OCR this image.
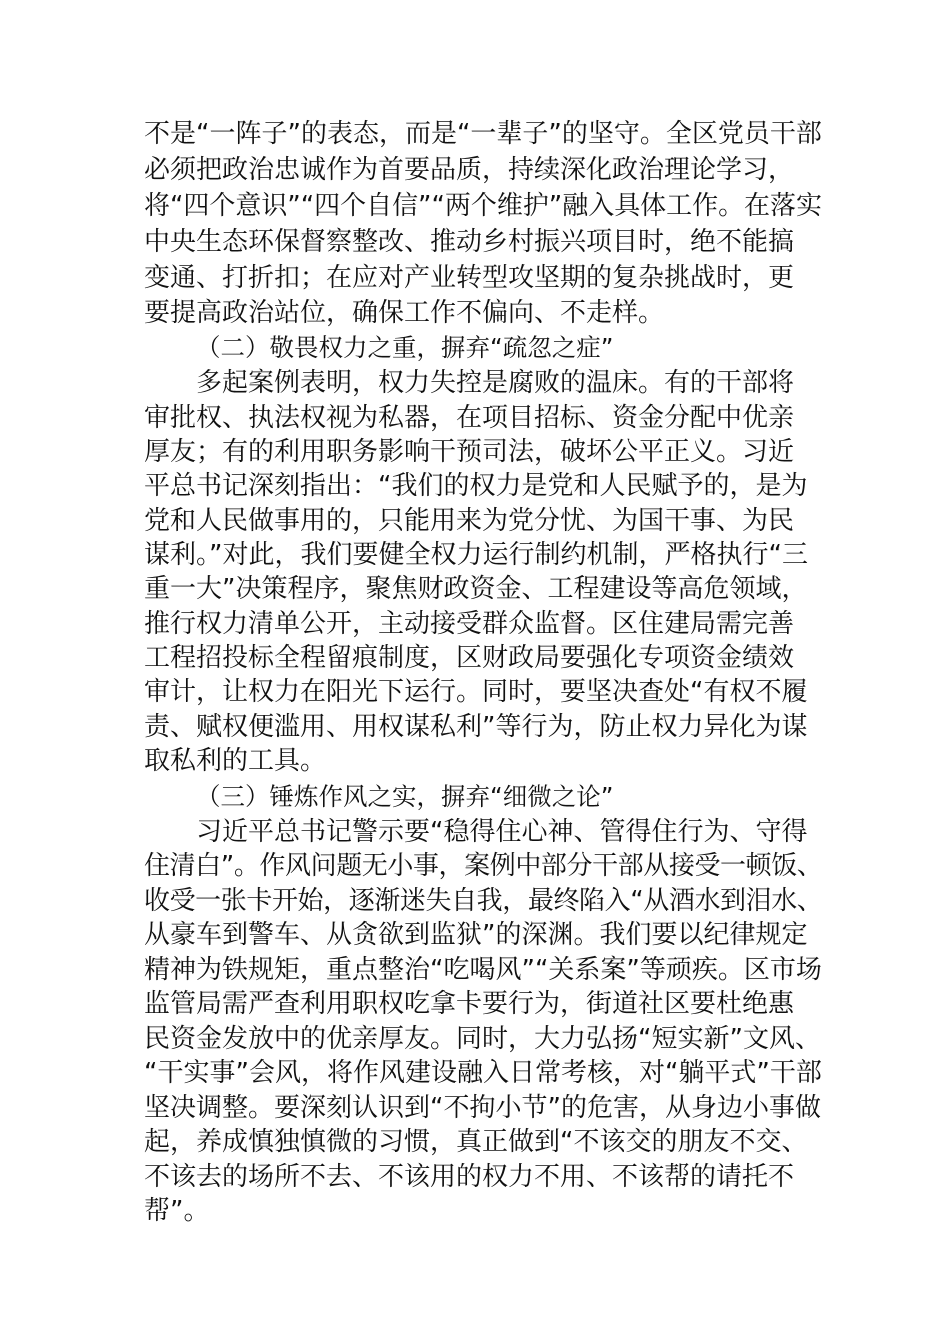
不是“一阵子”的表态，而是“一辈子”的坚守。全区党员干部
必须把政治忠诚作为首要品质，持续深化政治理论学习，
将“四个意识”“四个自信”“两个维护”融入具体工作。在落实
中央生态环保督察整改、推动乡村振兴项目时，绝不能搞
变通、打折扣；在应对产业转型攻坚期的复杂挑战时，更
要提高政治站位，确保工作不偏向、不走样。
（二）敬畏权力之重，摒弃“疏忽之症”
多起案例表明，权力失控是腐败的温床。有的干部将
审批权、执法权视为私器，在项目招标、资金分配中优亲
厚友；有的利用职务影响干预司法，破坏公平正义。习近
平总书记深刻指出：“我们的权力是党和人民赋予的，是为
党和人民做事用的，只能用来为党分忧、为国干事、为民
谋利。”对此，我们要健全权力运行制约机制，严格执行“三
重一大”决策程序，聚焦财政资金、工程建设等高危领域，
推行权力清单公开，主动接受群众监督。区住建局需完善
工程招投标全程留痕制度，区财政局要强化专项资金绩效
审计，让权力在阳光下运行。同时，要坚决查处“有权不履
责、赋权便滥用、用权谋私利”等行为，防止权力异化为谋
取私利的工具。
（三）锤炼作风之实，摒弃“细微之论”
习近平总书记警示要“稳得住心神、管得住行为、守得
住清白”。作风问题无小事，案例中部分干部从接受一顿饭、
收受一张卡开始，逐渐迷失自我，最终陷入“从酒水到泪水、
从豪车到警车、从贪欲到监狱”的深渊。我们要以纪律规定
精神为铁规矩，重点整治“吃喝风”“关系案”等顽疾。区市场
监管局需严查利用职权吃拿卡要行为，街道社区要杜绝惠
民资金发放中的优亲厚友。同时，大力弘扬“短实新”文风、
“干实事”会风，将作风建设融入日常考核，对“躺平式”干部
坚决调整。要深刻认识到“不拘小节”的危害，从身边小事做
起，养成慎独慎微的习惯，真正做到“不该交的朋友不交、
不该去的场所不去、不该用的权力不用、不该帮的请托不
帮”。
